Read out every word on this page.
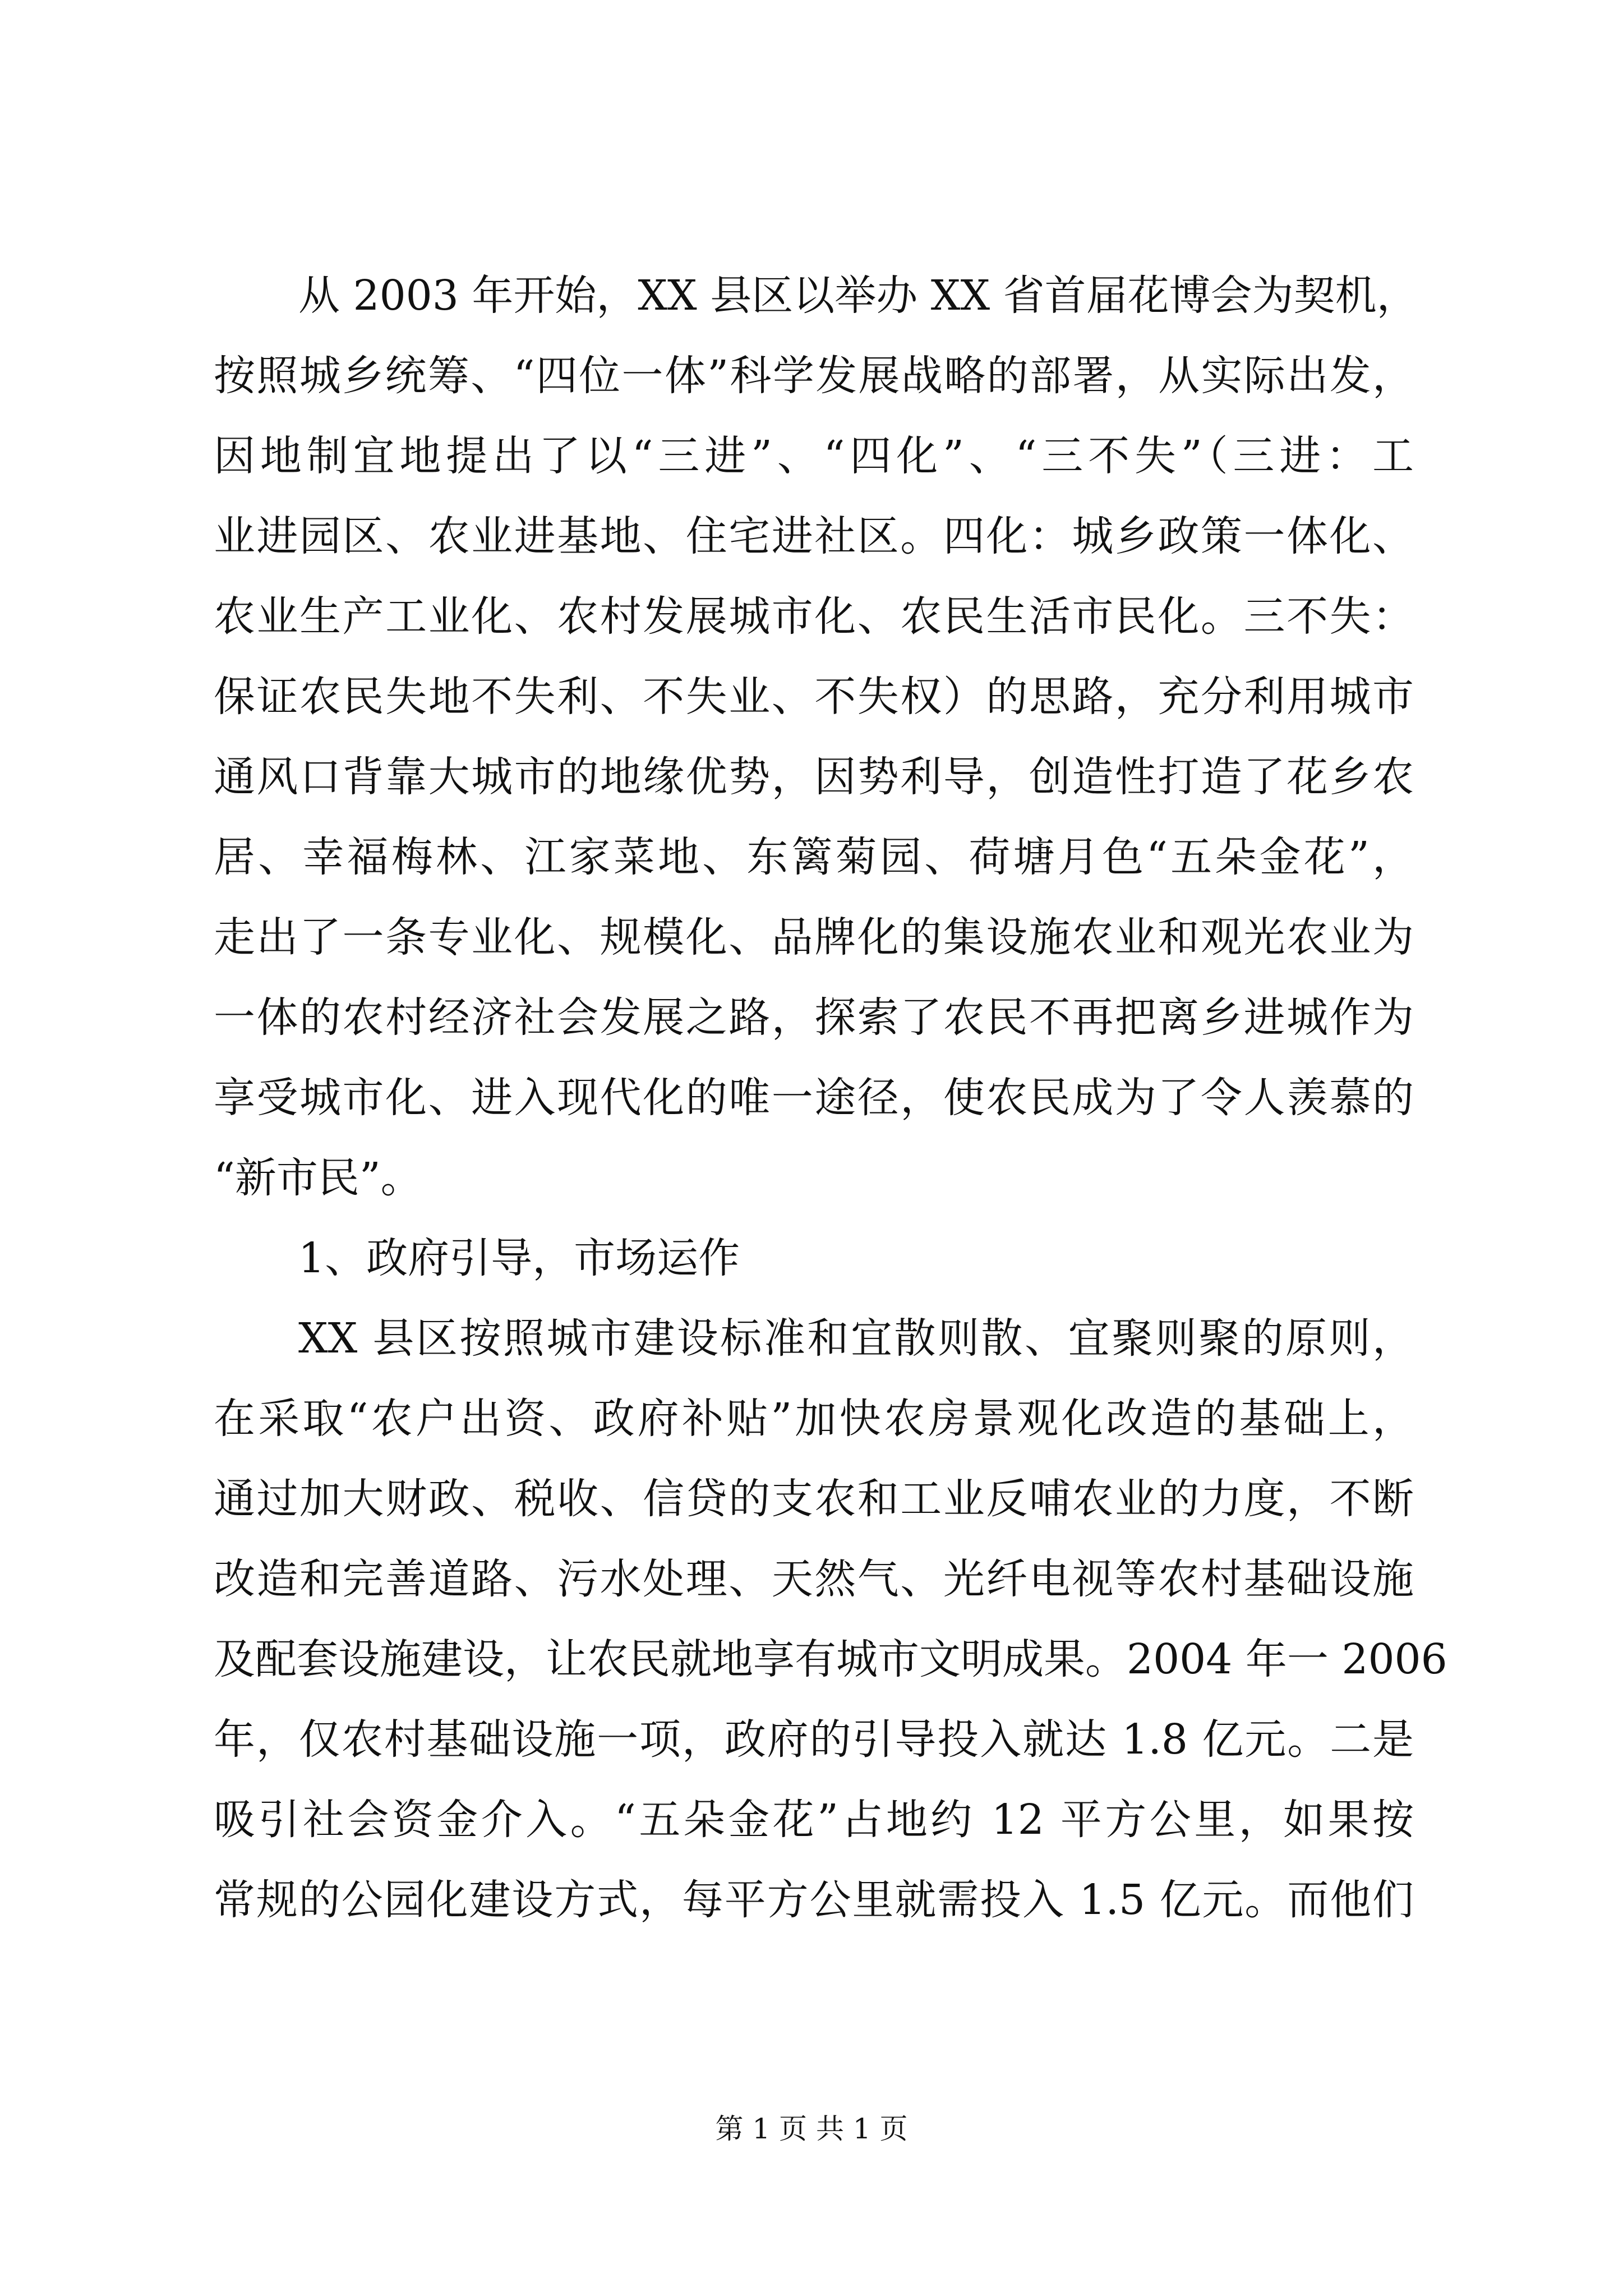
从 2003 年开始，XX 县区以举办 XX 省首届花博会为契机，
按照城乡统筹、“四位一体”科学发展战略的部署，从实际出发，
因地制宜地提出了以“三进”、“四化”、“三不失”（三进：工
业进园区、农业进基地、住宅进社区。四化：城乡政策一体化、
农业生产工业化、农村发展城市化、农民生活市民化。三不失：
保证农民失地不失利、不失业、不失权）的思路，充分利用城市
通风口背靠大城市的地缘优势，因势利导，创造性打造了花乡农
居、幸福梅林、江家菜地、东篱菊园、荷塘月色“五朵金花”，
走出了一条专业化、规模化、品牌化的集设施农业和观光农业为
一体的农村经济社会发展之路，探索了农民不再把离乡进城作为
享受城市化、进入现代化的唯一途径，使农民成为了令人羡慕的
“新市民”。
1、政府引导，市场运作
XX 县区按照城市建设标准和宜散则散、宜聚则聚的原则，
在采取“农户出资、政府补贴”加快农房景观化改造的基础上，
通过加大财政、税收、信贷的支农和工业反哺农业的力度，不断
改造和完善道路、污水处理、天然气、光纤电视等农村基础设施
及配套设施建设，让农民就地享有城市文明成果。2004 年一 2006
年，仅农村基础设施一项，政府的引导投入就达 1.8 亿元。二是
吸引社会资金介入。“五朵金花”占地约 12 平方公里，如果按
常规的公园化建设方式，每平方公里就需投入 1.5 亿元。而他们
第 1 页 共 1 页
